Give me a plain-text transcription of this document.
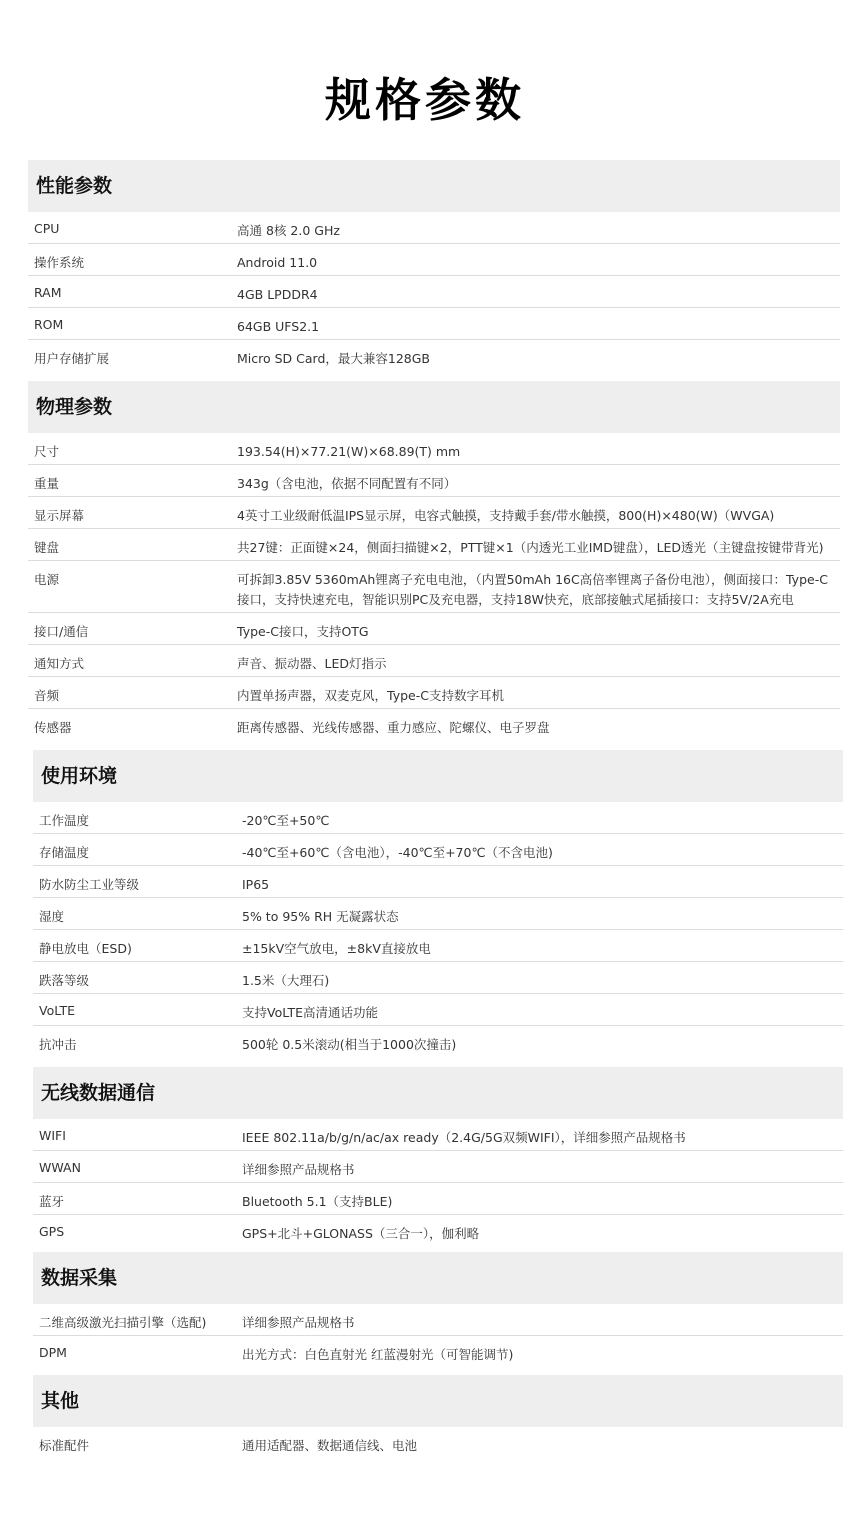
规格参数
性能参数
CPU	高通 8核 2.0 GHz
操作系统	Android 11.0
RAM	4GB LPDDR4
ROM	64GB UFS2.1
用户存储扩展	Micro SD Card，最大兼容128GB
物理参数
尺寸	193.54(H)×77.21(W)×68.89(T) mm
重量	343g（含电池，依据不同配置有不同）
显示屏幕	4英寸工业级耐低温IPS显示屏，电容式触摸，支持戴手套/带水触摸，800(H)×480(W)（WVGA)
键盘	共27键：正面键×24，侧面扫描键×2，PTT键×1（内透光工业IMD键盘），LED透光（主键盘按键带背光)
电源	可拆卸3.85V 5360mAh锂离子充电电池，（内置50mAh 16C高倍率锂离子备份电池），侧面接口：Type-C接口，支持快速充电，智能识别PC及充电器，支持18W快充，底部接触式尾插接口：支持5V/2A充电
接口/通信	Type-C接口，支持OTG
通知方式	声音、振动器、LED灯指示
音频	内置单扬声器，双麦克风，Type-C支持数字耳机
传感器	距离传感器、光线传感器、重力感应、陀螺仪、电子罗盘
使用环境
工作温度	-20℃至+50℃
存储温度	-40℃至+60℃（含电池），-40℃至+70℃（不含电池)
防水防尘工业等级	IP65
湿度	5% to 95% RH 无凝露状态
静电放电（ESD)	±15kV空气放电，±8kV直接放电
跌落等级	1.5米（大理石)
VoLTE	支持VoLTE高清通话功能
抗冲击	500轮 0.5米滚动(相当于1000次撞击)
无线数据通信
WIFI	IEEE 802.11a/b/g/n/ac/ax ready（2.4G/5G双频WIFI），详细参照产品规格书
WWAN	详细参照产品规格书
蓝牙	Bluetooth 5.1（支持BLE)
GPS	GPS+北斗+GLONASS（三合一），伽利略
数据采集
二维高级激光扫描引擎（选配)	详细参照产品规格书
DPM	出光方式：白色直射光 红蓝漫射光（可智能调节)
其他
标准配件	通用适配器、数据通信线、电池
